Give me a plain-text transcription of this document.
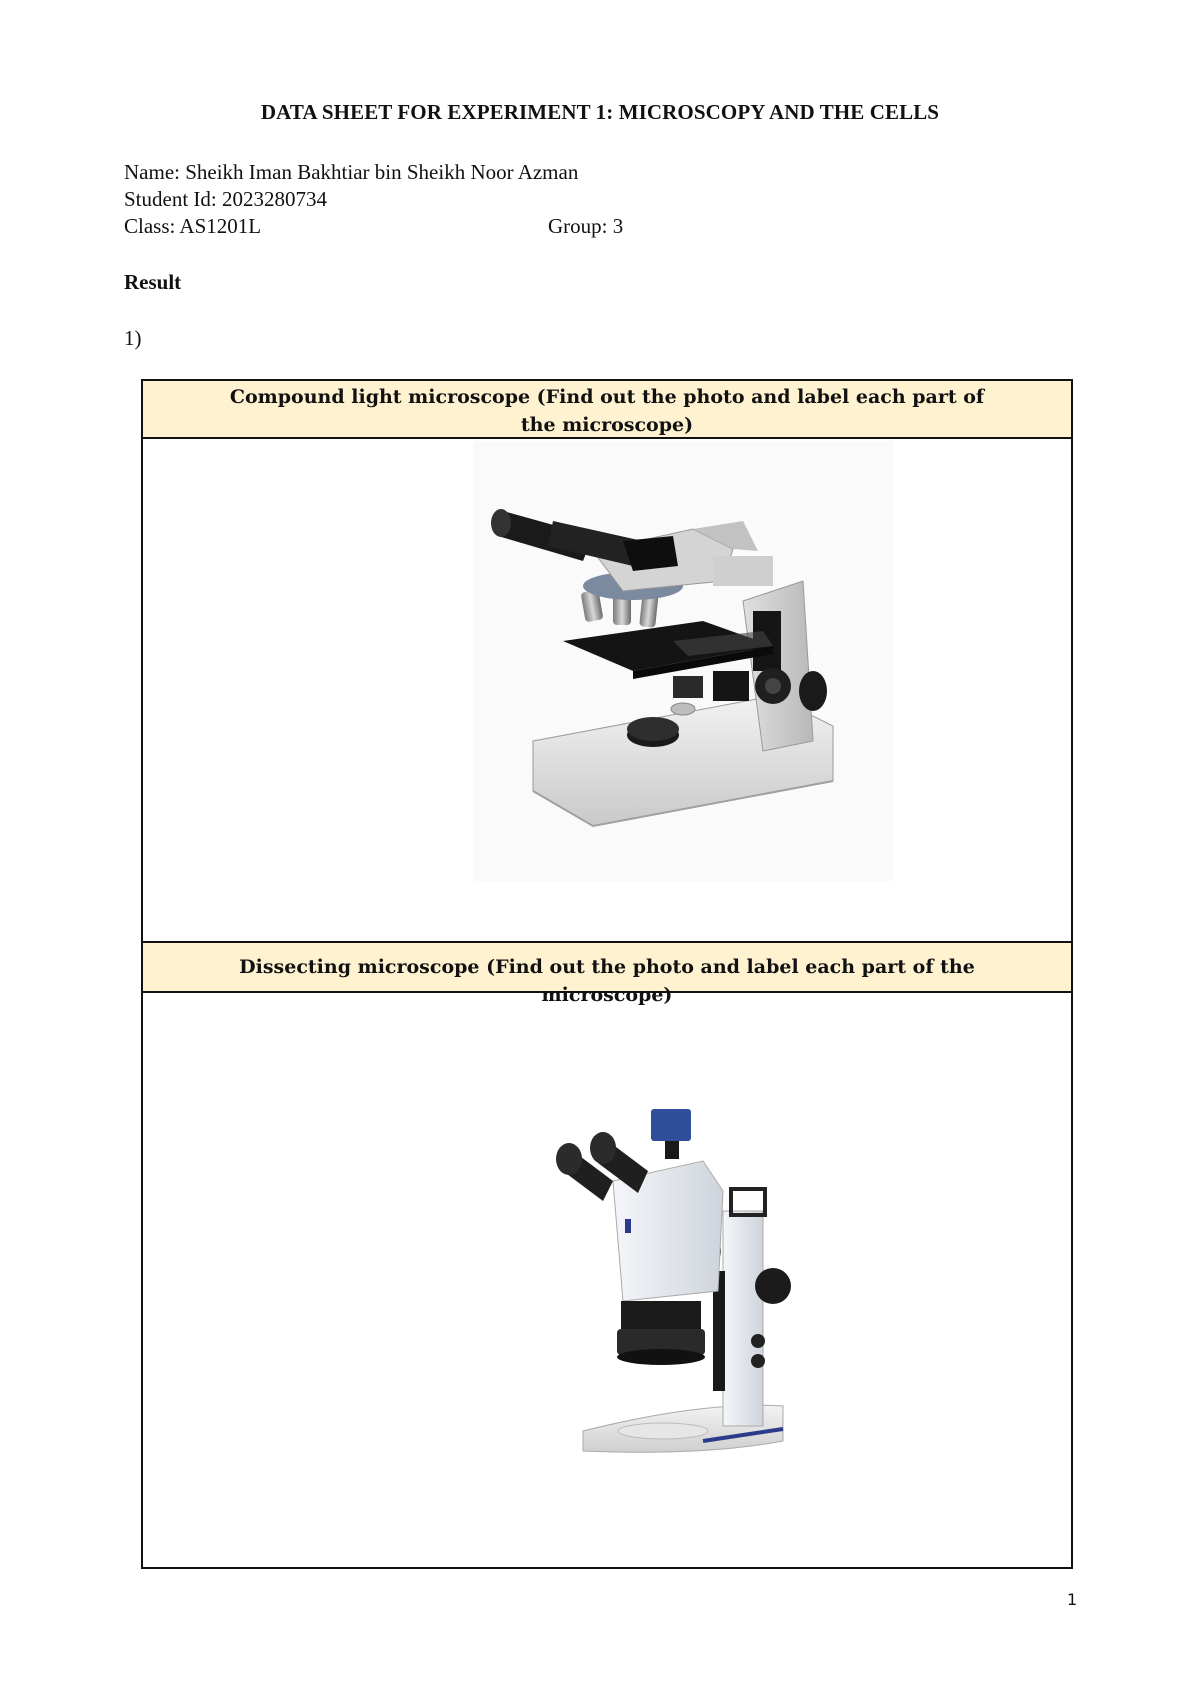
DATA SHEET FOR EXPERIMENT 1: MICROSCOPY AND THE CELLS
Name: Sheikh Iman Bakhtiar bin Sheikh Noor Azman
Student Id: 2023280734
Class: AS1201L	Group: 3
Result
1)
Compound light microscope (Find out the photo and label each part of the microscope)
Dissecting microscope (Find out the photo and label each part of the microscope)
1
